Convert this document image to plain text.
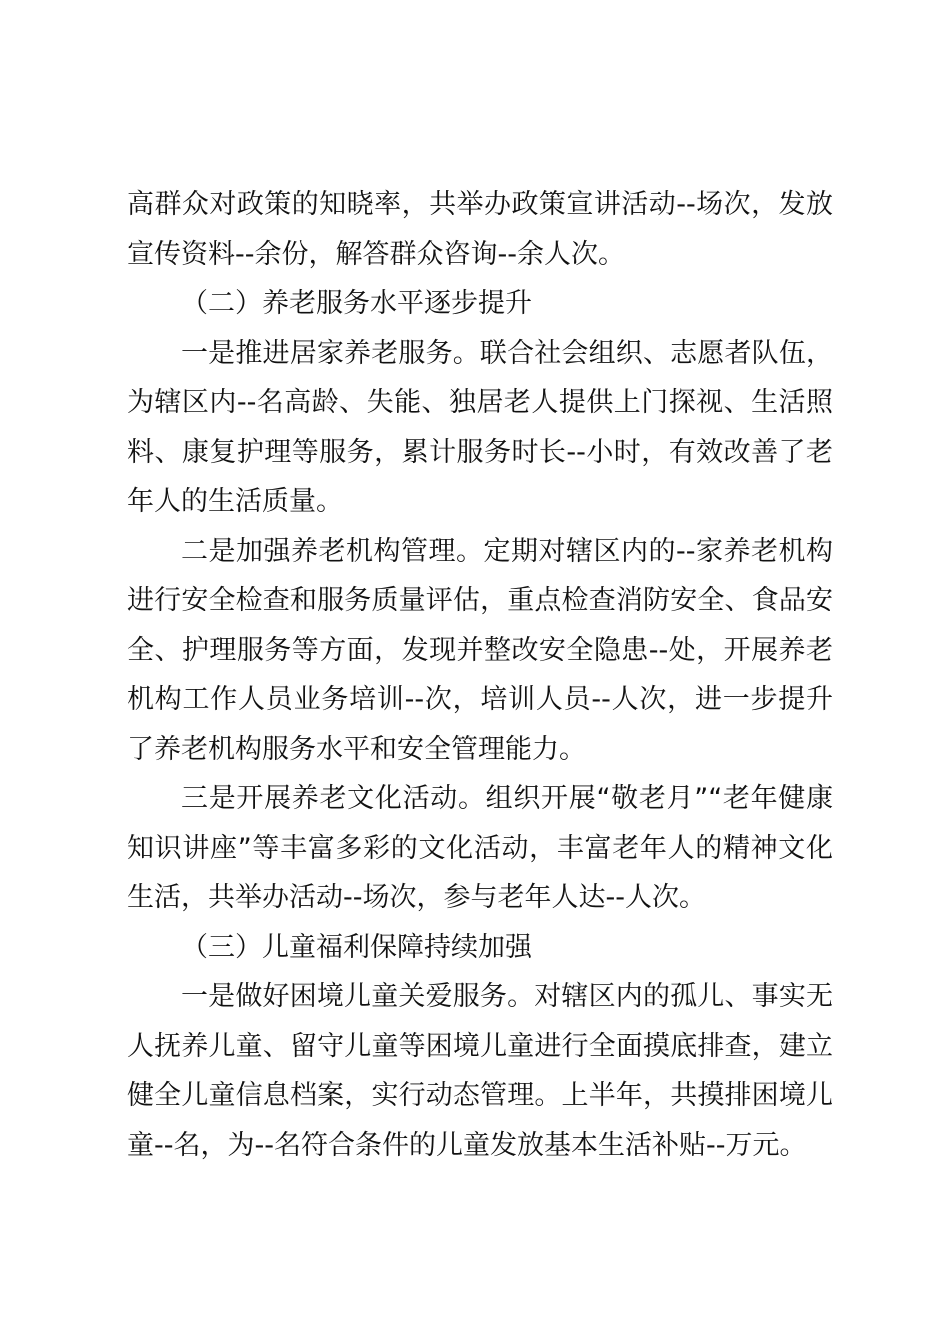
高群众对政策的知晓率，共举办政策宣讲活动--场次，发放宣传资料--余份，解答群众咨询--余人次。

（二）养老服务水平逐步提升

一是推进居家养老服务。联合社会组织、志愿者队伍，为辖区内--名高龄、失能、独居老人提供上门探视、生活照料、康复护理等服务，累计服务时长--小时，有效改善了老年人的生活质量。

二是加强养老机构管理。定期对辖区内的--家养老机构进行安全检查和服务质量评估，重点检查消防安全、食品安全、护理服务等方面，发现并整改安全隐患--处，开展养老机构工作人员业务培训--次，培训人员--人次，进一步提升了养老机构服务水平和安全管理能力。

三是开展养老文化活动。组织开展“敬老月”“老年健康知识讲座”等丰富多彩的文化活动，丰富老年人的精神文化生活，共举办活动--场次，参与老年人达--人次。

（三）儿童福利保障持续加强

一是做好困境儿童关爱服务。对辖区内的孤儿、事实无人抚养儿童、留守儿童等困境儿童进行全面摸底排查，建立健全儿童信息档案，实行动态管理。上半年，共摸排困境儿童--名，为--名符合条件的儿童发放基本生活补贴--万元。
